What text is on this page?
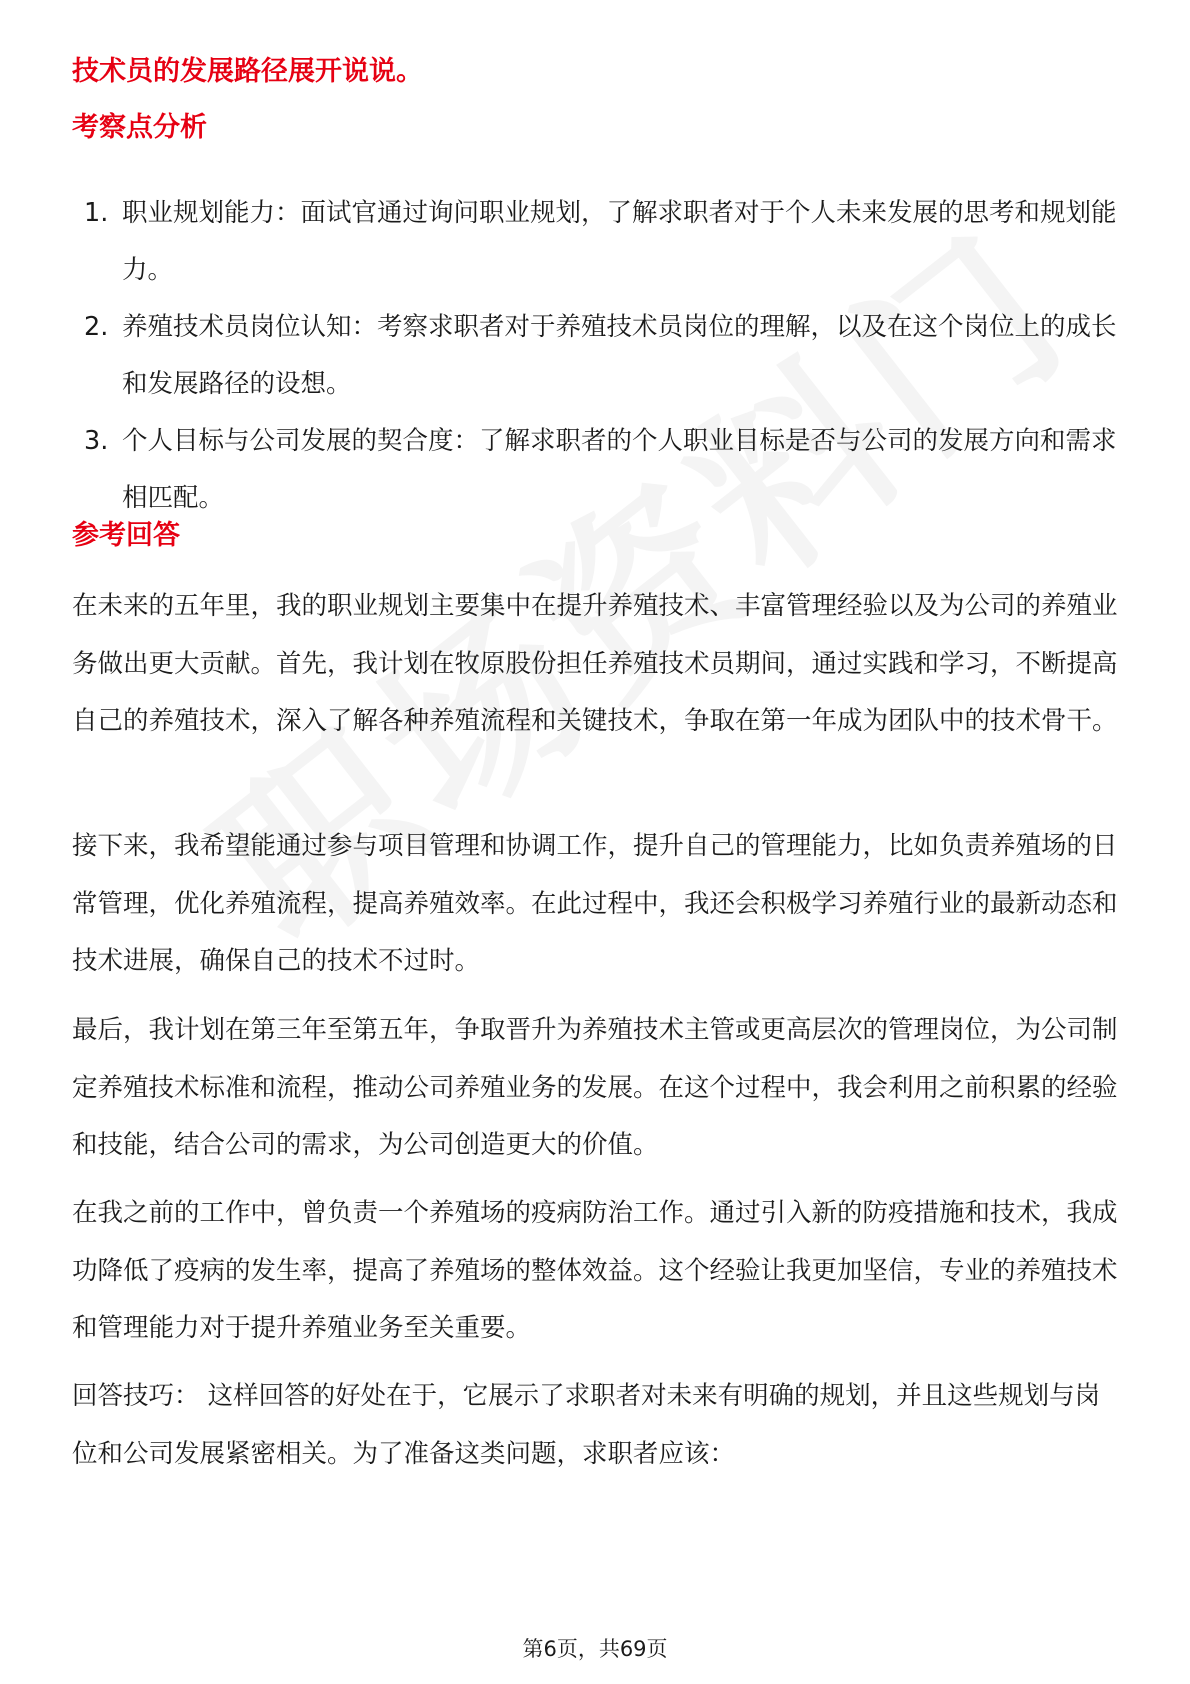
技术员的发展路径展开说说。
考察点分析
1. 职业规划能力：面试官通过询问职业规划，了解求职者对于个人未来发展的思考和规划能力。
2. 养殖技术员岗位认知：考察求职者对于养殖技术员岗位的理解，以及在这个岗位上的成长和发展路径的设想。
3. 个人目标与公司发展的契合度：了解求职者的个人职业目标是否与公司的发展方向和需求相匹配。
参考回答

在未来的五年里，我的职业规划主要集中在提升养殖技术、丰富管理经验以及为公司的养殖业务做出更大贡献。首先，我计划在牧原股份担任养殖技术员期间，通过实践和学习，不断提高自己的养殖技术，深入了解各种养殖流程和关键技术，争取在第一年成为团队中的技术骨干。

接下来，我希望能通过参与项目管理和协调工作，提升自己的管理能力，比如负责养殖场的日常管理，优化养殖流程，提高养殖效率。在此过程中，我还会积极学习养殖行业的最新动态和技术进展，确保自己的技术不过时。

最后，我计划在第三年至第五年，争取晋升为养殖技术主管或更高层次的管理岗位，为公司制定养殖技术标准和流程，推动公司养殖业务的发展。在这个过程中，我会利用之前积累的经验和技能，结合公司的需求，为公司创造更大的价值。

在我之前的工作中，曾负责一个养殖场的疫病防治工作。通过引入新的防疫措施和技术，我成功降低了疫病的发生率，提高了养殖场的整体效益。这个经验让我更加坚信，专业的养殖技术和管理能力对于提升养殖业务至关重要。

回答技巧： 这样回答的好处在于，它展示了求职者对未来有明确的规划，并且这些规划与岗位和公司发展紧密相关。为了准备这类问题，求职者应该：

第6页，共69页
